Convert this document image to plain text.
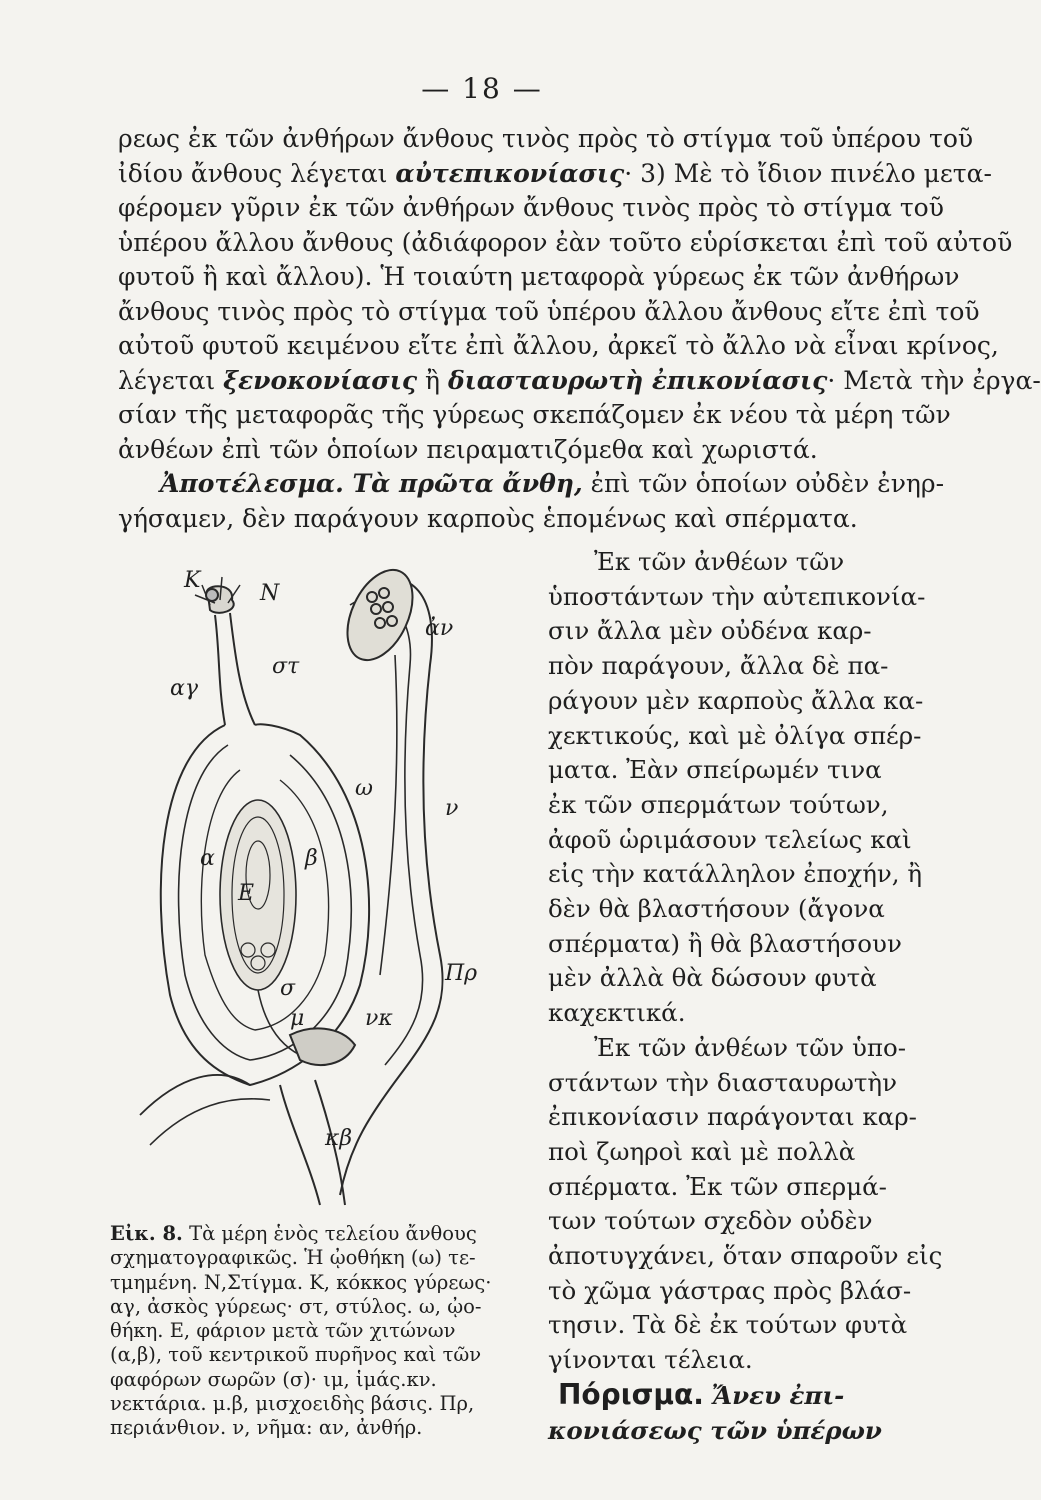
— 18 —
ρεως ἐκ τῶν ἀνθήρων ἄνθους τινὸς πρὸς τὸ στίγμα τοῦ ὑπέρου τοῦ
ἰδίου ἄνθους λέγεται αὐτεπικονίασις· 3) Μὲ τὸ ἴδιον πινέλο μετα-
φέρομεν γῦριν ἐκ τῶν ἀνθήρων ἄνθους τινὸς πρὸς τὸ στίγμα τοῦ
ὑπέρου ἄλλου ἄνθους (ἀδιάφορον ἐὰν τοῦτο εὑρίσκεται ἐπὶ τοῦ αὐτοῦ
φυτοῦ ἢ καὶ ἄλλου). Ἡ τοιαύτη μεταφορὰ γύρεως ἐκ τῶν ἀνθήρων
ἄνθους τινὸς πρὸς τὸ στίγμα τοῦ ὑπέρου ἄλλου ἄνθους εἴτε ἐπὶ τοῦ
αὐτοῦ φυτοῦ κειμένου εἴτε ἐπὶ ἄλλου, ἀρκεῖ τὸ ἄλλο νὰ εἶναι κρίνος,
λέγεται ξενοκονίασις ἢ διασταυρωτὴ ἐπικονίασις· Μετὰ τὴν ἐργα-
σίαν τῆς μεταφορᾶς τῆς γύρεως σκεπάζομεν ἐκ νέου τὰ μέρη τῶν
ἀνθέων ἐπὶ τῶν ὁποίων πειραματιζόμεθα καὶ χωριστά.
Ἀποτέλεσμα. Τὰ πρῶτα ἄνθη, ἐπὶ τῶν ὁποίων οὐδὲν ἐνηρ-
γήσαμεν, δὲν παράγουν καρποὺς ἑπομένως καὶ σπέρματα.
Κ
Ν
ἀν
στ
αγ
ω
Ε
ν
Πρ
α	β
νκ
κβ
σ
μ
Εἰκ. 8. Τὰ μέρη ἑνὸς τελείου ἄνθους
σχηματογραφικῶς. Ἡ ᾠοθήκη (ω) τε-
τμημένη. Ν,Στίγμα. Κ, κόκκος γύρεως·
αγ, ἀσκὸς γύρεως· στ, στύλος. ω, ᾠο-
θήκη. Ε, φάριον μετὰ τῶν χιτώνων
(α,β), τοῦ κεντρικοῦ πυρῆνος καὶ τῶν
φαφόρων σωρῶν (σ)· ιμ, ἱμάς.κν.
νεκτάρια. μ.β, μισχοειδὴς βάσις. Πρ,
περιάνθιον. ν, νῆμα: αν, ἀνθήρ.
Ἐκ τῶν ἀνθέων τῶν
ὑποστάντων τὴν αὐτεπικονία-
σιν ἄλλα μὲν οὐδένα καρ-
πὸν παράγουν, ἄλλα δὲ πα-
ράγουν μὲν καρποὺς ἄλλα κα-
χεκτικούς, καὶ μὲ ὀλίγα σπέρ-
ματα. Ἐὰν σπείρωμέν τινα
ἐκ τῶν σπερμάτων τούτων,
ἀφοῦ ὡριμάσουν τελείως καὶ
εἰς τὴν κατάλληλον ἐποχήν, ἢ
δὲν θὰ βλαστήσουν (ἄγονα
σπέρματα) ἢ θὰ βλαστήσουν
μὲν ἀλλὰ θὰ δώσουν φυτὰ
καχεκτικά.
Ἐκ τῶν ἀνθέων τῶν ὑπο-
στάντων τὴν διασταυρωτὴν
ἐπικονίασιν παράγονται καρ-
ποὶ ζωηροὶ καὶ μὲ πολλὰ
σπέρματα. Ἐκ τῶν σπερμά-
των τούτων σχεδὸν οὐδὲν
ἀποτυγχάνει, ὅταν σπαροῦν εἰς
τὸ χῶμα γάστρας πρὸς βλάσ-
τησιν. Τὰ δὲ ἐκ τούτων φυτὰ
γίνονται τέλεια.
Πόρισμα. Ἄνευ ἐπι-
κονιάσεως τῶν ὑπέρων
